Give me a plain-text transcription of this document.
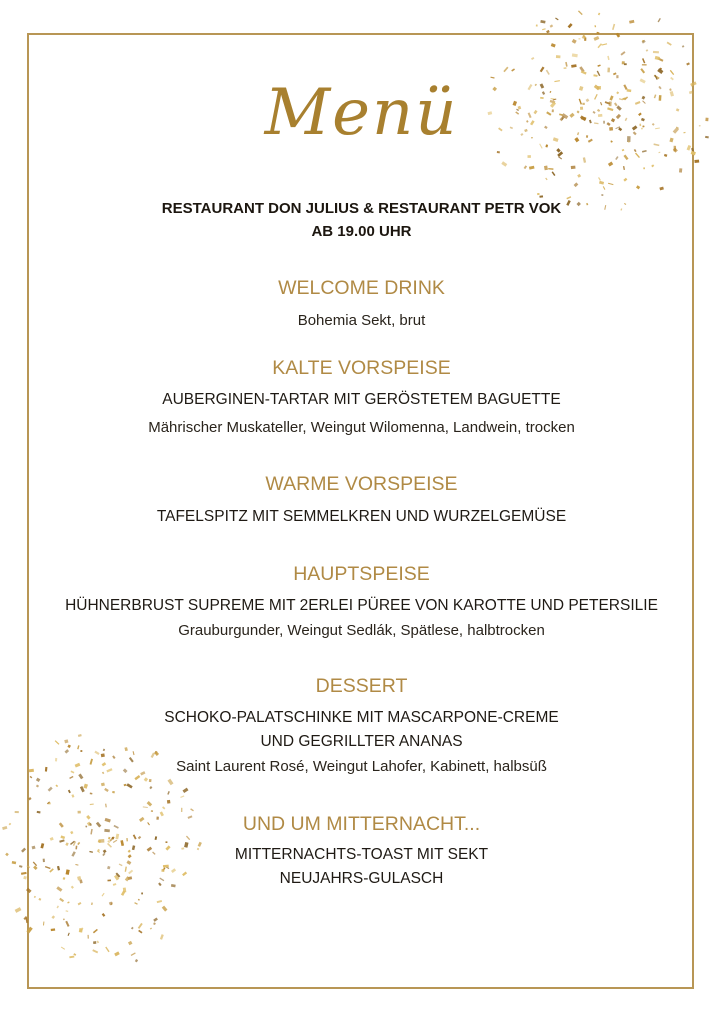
Menü
RESTAURANT DON JULIUS & RESTAURANT PETR VOK
AB 19.00 UHR
WELCOME DRINK
Bohemia Sekt, brut
KALTE VORSPEISE
AUBERGINEN-TARTAR MIT GERÖSTETEM BAGUETTE
Mährischer Muskateller, Weingut Wilomenna, Landwein, trocken
WARME VORSPEISE
TAFELSPITZ MIT SEMMELKREN UND WURZELGEMÜSE
HAUPTSPEISE
HÜHNERBRUST SUPREME MIT 2ERLEI PÜREE VON KAROTTE UND PETERSILIE
Grauburgunder, Weingut Sedlák, Spätlese, halbtrocken
DESSERT
SCHOKO-PALATSCHINKE MIT MASCARPONE-CREME
UND GEGRILLTER ANANAS
Saint Laurent Rosé, Weingut Lahofer, Kabinett, halbsüß
UND UM MITTERNACHT...
MITTERNACHTS-TOAST MIT SEKT
NEUJAHRS-GULASCH
